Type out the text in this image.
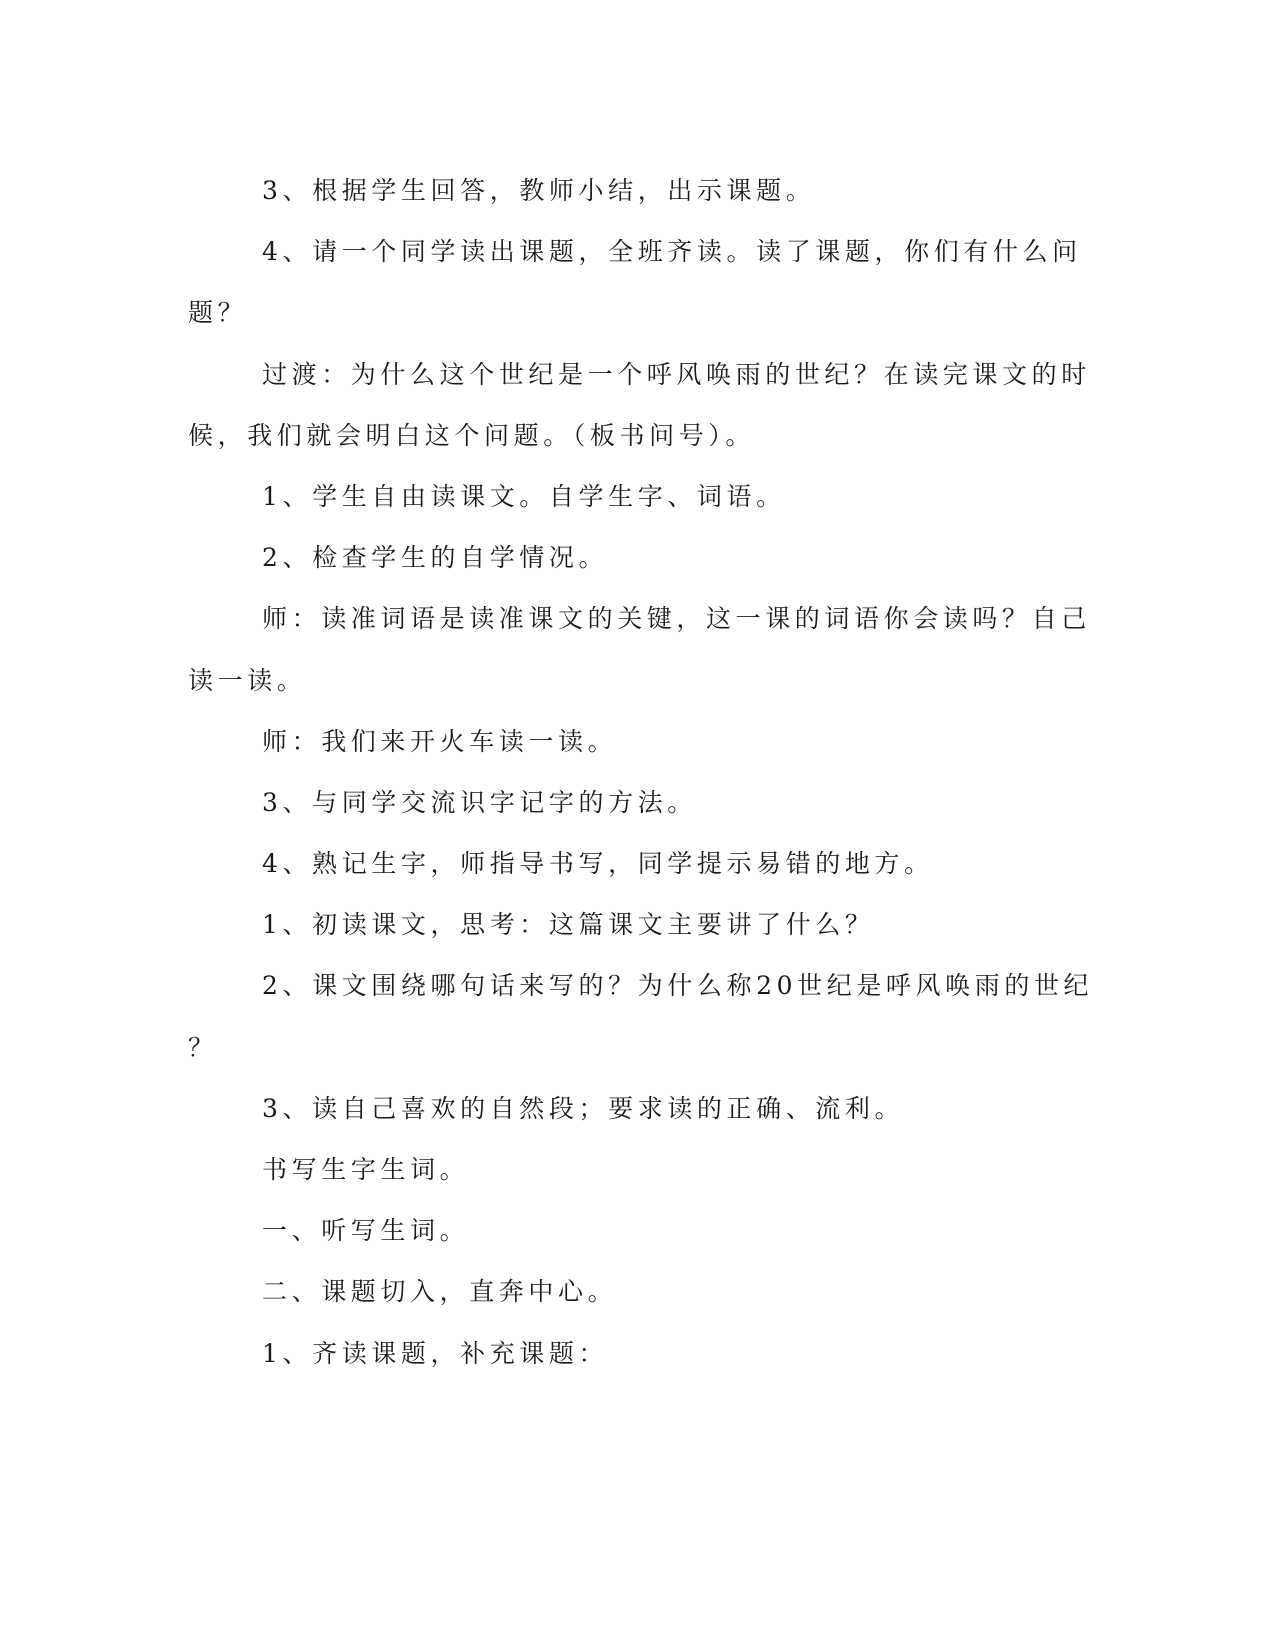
3、根据学生回答，教师小结，出示课题。
4、请一个同学读出课题，全班齐读。读了课题，你们有什么问
题？
过渡：为什么这个世纪是一个呼风唤雨的世纪？在读完课文的时
候，我们就会明白这个问题。（板书问号）。
1、学生自由读课文。自学生字、词语。
2、检查学生的自学情况。
师：读准词语是读准课文的关键，这一课的词语你会读吗？自己
读一读。
师：我们来开火车读一读。
3、与同学交流识字记字的方法。
4、熟记生字，师指导书写，同学提示易错的地方。
1、初读课文，思考：这篇课文主要讲了什么？
2、课文围绕哪句话来写的？为什么称20世纪是呼风唤雨的世纪
？
3、读自己喜欢的自然段；要求读的正确、流利。
书写生字生词。
一、听写生词。
二、课题切入，直奔中心。
1、齐读课题，补充课题：
